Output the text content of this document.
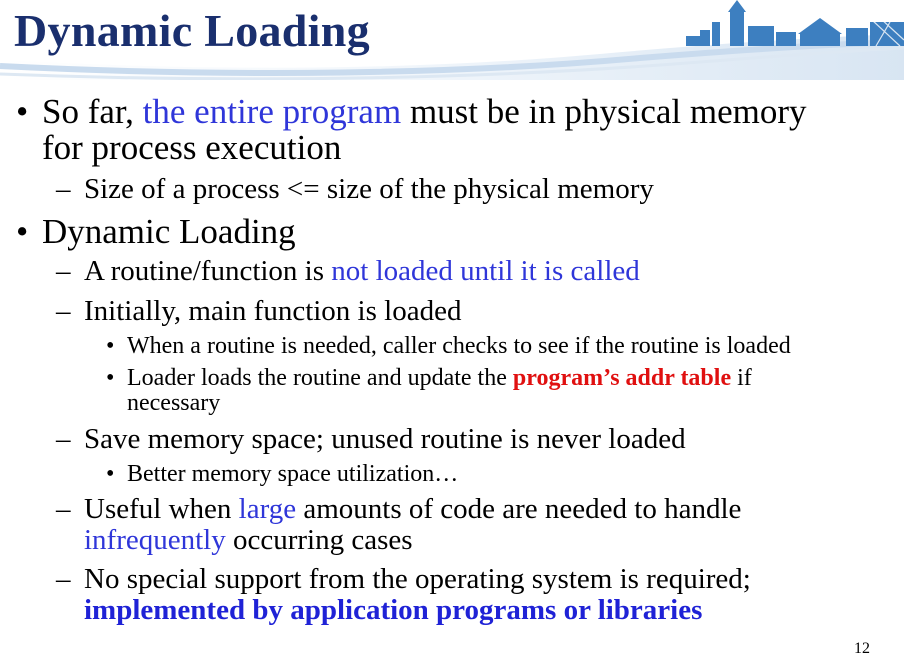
Dynamic Loading
• So far, the entire program must be in physical memory
for process execution
– Size of a process <= size of the physical memory
• Dynamic Loading
– A routine/function is not loaded until it is called
– Initially, main function is loaded
• When a routine is needed, caller checks to see if the routine is loaded
• Loader loads the routine and update the program’s addr table if
necessary
– Save memory space; unused routine is never loaded
• Better memory space utilization…
– Useful when large amounts of code are needed to handle
infrequently occurring cases
– No special support from the operating system is required;
implemented by application programs or libraries
12
